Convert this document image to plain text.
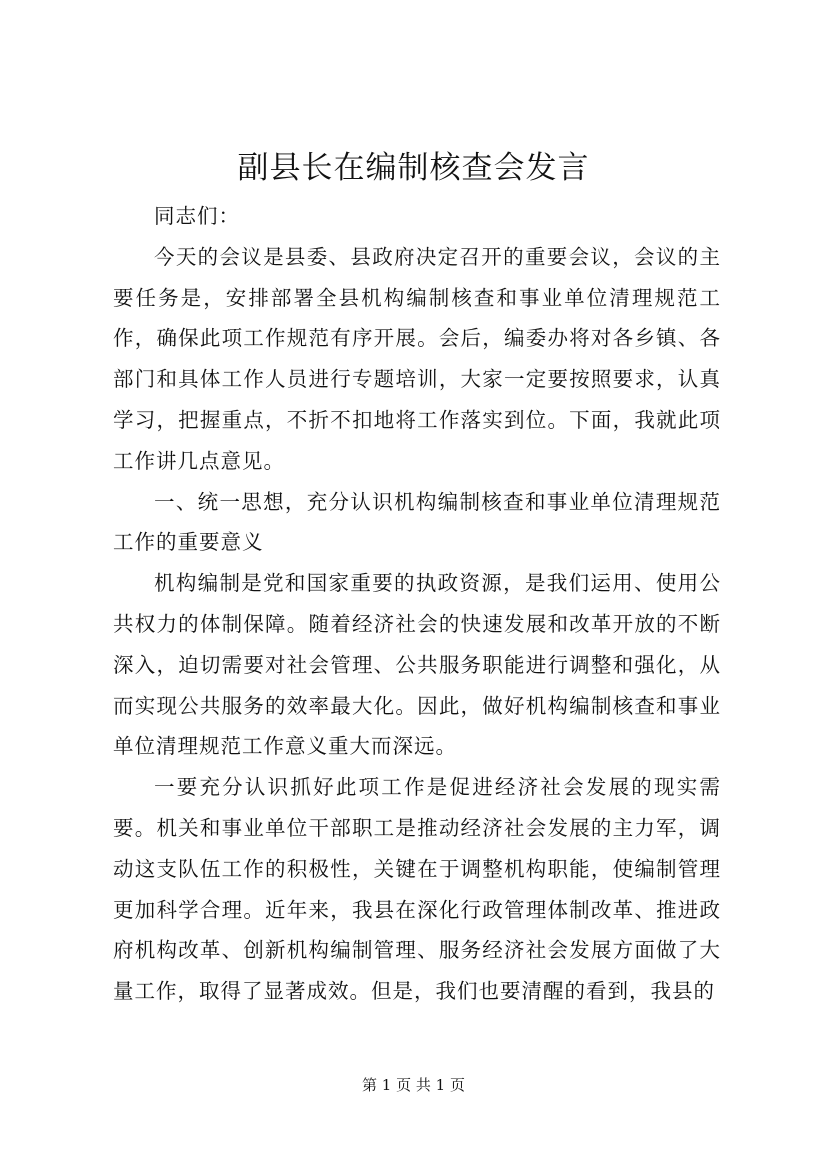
副县长在编制核查会发言

同志们：

今天的会议是县委、县政府决定召开的重要会议，会议的主要任务是，安排部署全县机构编制核查和事业单位清理规范工作，确保此项工作规范有序开展。会后，编委办将对各乡镇、各部门和具体工作人员进行专题培训，大家一定要按照要求，认真学习，把握重点，不折不扣地将工作落实到位。下面，我就此项工作讲几点意见。

一、统一思想，充分认识机构编制核查和事业单位清理规范工作的重要意义

机构编制是党和国家重要的执政资源，是我们运用、使用公共权力的体制保障。随着经济社会的快速发展和改革开放的不断深入，迫切需要对社会管理、公共服务职能进行调整和强化，从而实现公共服务的效率最大化。因此，做好机构编制核查和事业单位清理规范工作意义重大而深远。

一要充分认识抓好此项工作是促进经济社会发展的现实需要。机关和事业单位干部职工是推动经济社会发展的主力军，调动这支队伍工作的积极性，关键在于调整机构职能，使编制管理更加科学合理。近年来，我县在深化行政管理体制改革、推进政府机构改革、创新机构编制管理、服务经济社会发展方面做了大量工作，取得了显著成效。但是，我们也要清醒的看到，我县的

第 1 页 共 1 页
